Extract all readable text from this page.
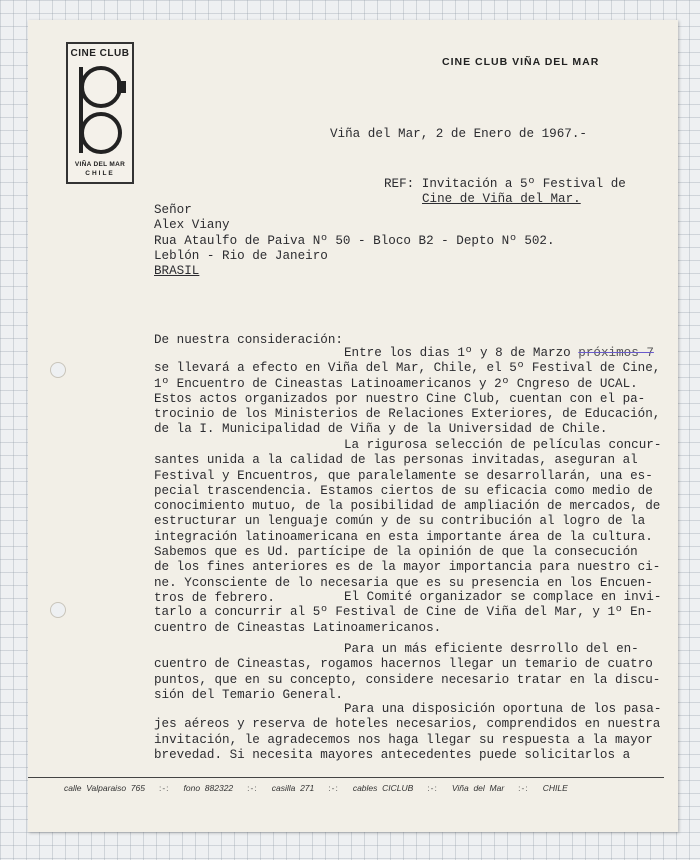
CINE CLUB
VIÑA DEL MAR
CHILE
CINE CLUB VIÑA DEL MAR
Viña del Mar, 2 de Enero de 1967.-
REF: Invitación a 5º Festival de
Cine de Viña del Mar.
Señor
Alex Viany
Rua Ataulfo de Paiva Nº 50 - Bloco B2 - Depto Nº 502.
Leblón - Rio de Janeiro
BRASIL
De nuestra consideración:
Entre los dias 1º y 8 de Marzo próximos 7
se llevará a efecto en Viña del Mar, Chile, el 5º Festival de Cine,
1º Encuentro de Cineastas Latinoamericanos y 2º Cngreso de UCAL.
Estos actos organizados por nuestro Cine Club, cuentan con el pa-
trocinio de los Ministerios de Relaciones Exteriores, de Educación,
de la I. Municipalidad de Viña y de la Universidad de Chile.
La rigurosa selección de películas concur-
santes unida a la calidad de las personas invitadas, aseguran al
Festival y Encuentros, que paralelamente se desarrollarán, una es-
pecial trascendencia. Estamos ciertos de su eficacia como medio de
conocimiento mutuo, de la posibilidad de ampliación de mercados, de
estructurar un lenguaje común y de su contribución al logro de la
integración latinoamericana en esta importante área de la cultura.
Sabemos que es Ud. partícipe de la opinión de que la consecución
de los fines anteriores es de la mayor importancia para nuestro ci-
ne. Yconsciente de lo necesaria que es su presencia en los Encuen-
tros de febrero.	El Comité organizador se complace en invi-
tarlo a concurrir al 5º Festival de Cine de Viña del Mar, y 1º En-
cuentro de Cineastas Latinoamericanos.
Para un más eficiente desrrollo del en-
cuentro de Cineastas, rogamos hacernos llegar un temario de cuatro
puntos, que en su concepto, considere necesario tratar en la discu-
sión del Temario General.
Para una disposición oportuna de los pasa-
jes aéreos y reserva de hoteles necesarios, comprendidos en nuestra
invitación, le agradecemos nos haga llegar su respuesta a la mayor
brevedad. Si necesita mayores antecedentes puede solicitarlos a
calle  Valparaiso  765 :-: fono  882322 :-: casilla  271 :-: cables  CICLUB :-: Viña  del  Mar :-: CHILE
